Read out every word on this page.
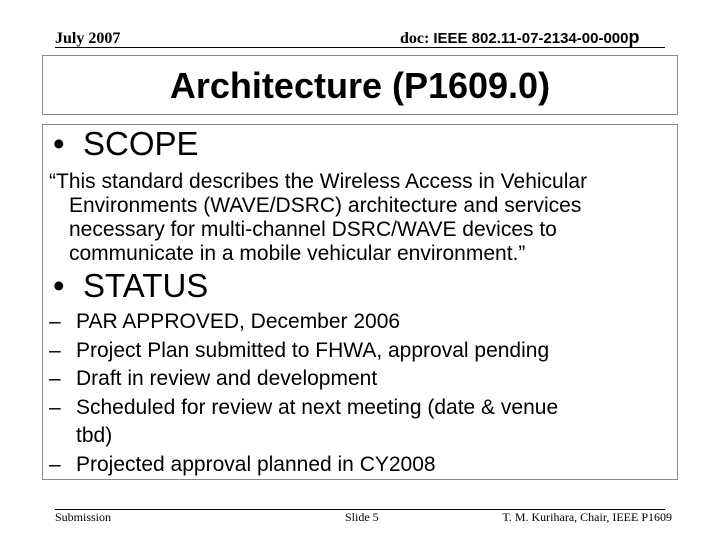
July 2007	doc: IEEE 802.11-07-2134-00-000p
Architecture (P1609.0)
• SCOPE
“This standard describes the Wireless Access in Vehicular
Environments (WAVE/DSRC) architecture and services
necessary for multi-channel DSRC/WAVE devices to
communicate in a mobile vehicular environment.”
• STATUS
– PAR APPROVED, December 2006
– Project Plan submitted to FHWA, approval pending
– Draft in review and development
– Scheduled for review at next meeting (date & venue tbd)
– Projected approval planned in CY2008
Submission	Slide 5	T. M. Kurihara, Chair, IEEE P1609
